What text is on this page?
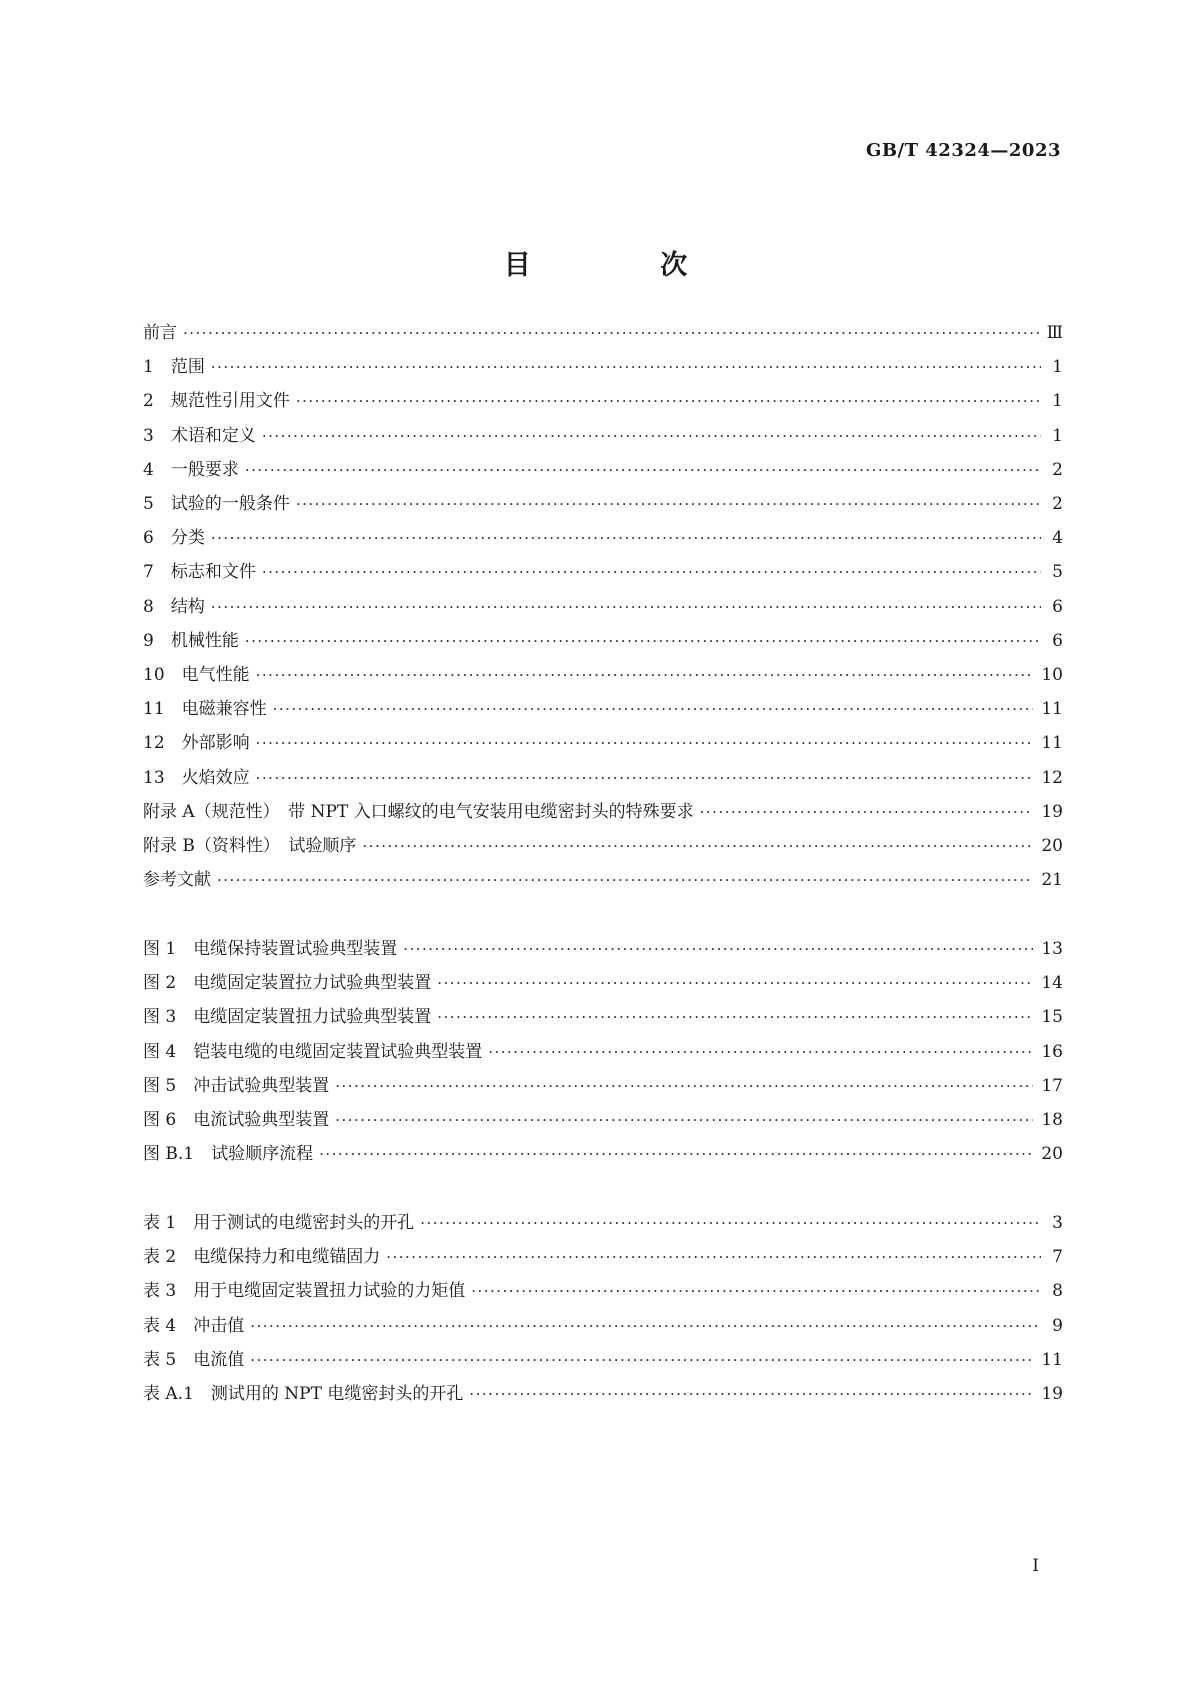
GB/T 42324—2023
目 次
前言 ·····	Ⅲ
1　范围 ·····	1
2　规范性引用文件 ·····	1
3　术语和定义 ·····	1
4　一般要求 ·····	2
5　试验的一般条件 ·····	2
6　分类 ·····	4
7　标志和文件 ·····	5
8　结构 ·····	6
9　机械性能 ·····	6
10　电气性能 ·····	10
11　电磁兼容性 ·····	11
12　外部影响 ·····	11
13　火焰效应 ·····	12
附录 A（规范性）　带 NPT 入口螺纹的电气安装用电缆密封头的特殊要求 ·····	19
附录 B（资料性）　试验顺序 ·····	20
参考文献 ·····	21
图 1　电缆保持装置试验典型装置 ·····	13
图 2　电缆固定装置拉力试验典型装置 ·····	14
图 3　电缆固定装置扭力试验典型装置 ·····	15
图 4　铠装电缆的电缆固定装置试验典型装置 ·····	16
图 5　冲击试验典型装置 ·····	17
图 6　电流试验典型装置 ·····	18
图 B.1　试验顺序流程 ·····	20
表 1　用于测试的电缆密封头的开孔 ·····	3
表 2　电缆保持力和电缆锚固力 ·····	7
表 3　用于电缆固定装置扭力试验的力矩值 ·····	8
表 4　冲击值 ·····	9
表 5　电流值 ·····	11
表 A.1　测试用的 NPT 电缆密封头的开孔 ·····	19
I
